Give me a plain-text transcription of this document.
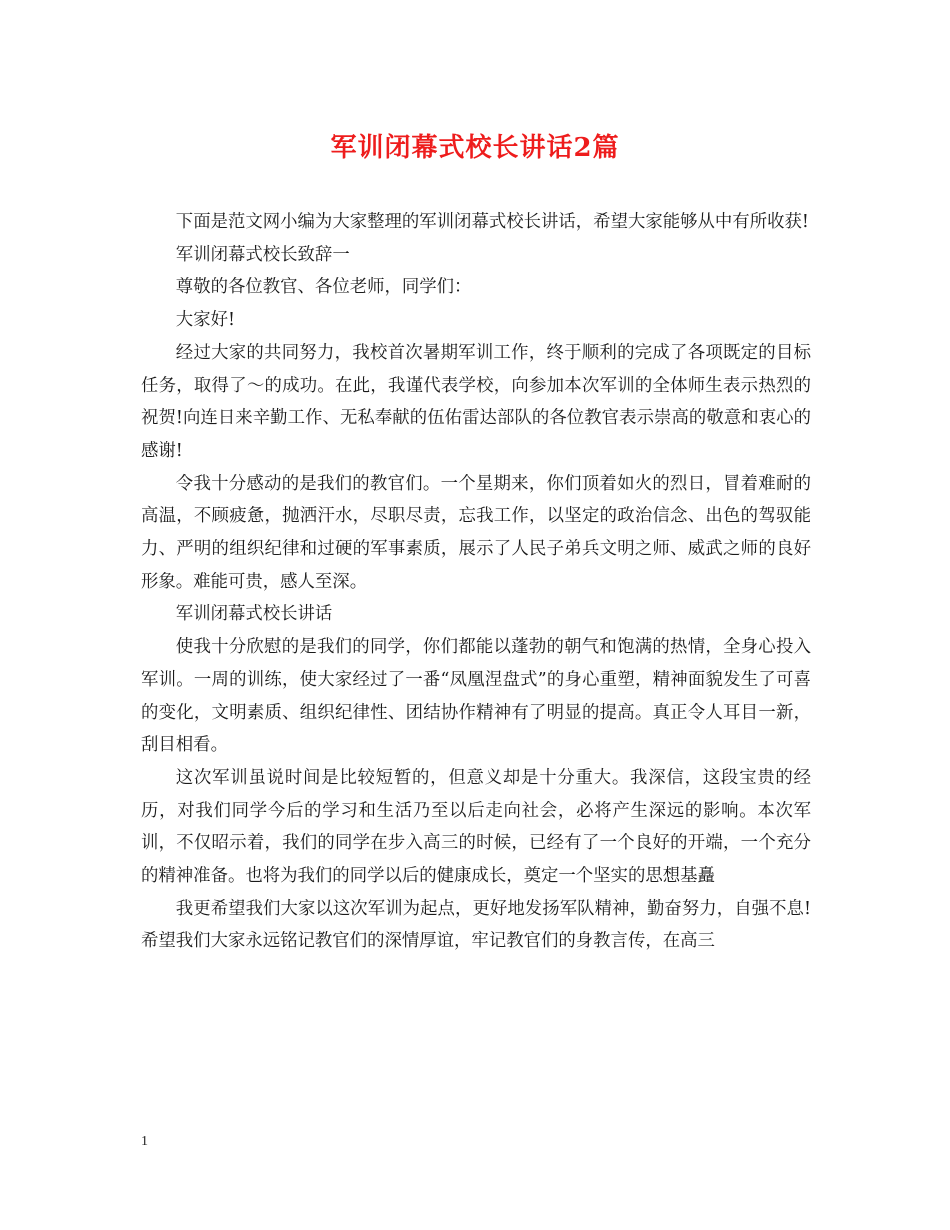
军训闭幕式校长讲话2篇

下面是范文网小编为大家整理的军训闭幕式校长讲话，希望大家能够从中有所收获!

军训闭幕式校长致辞一

尊敬的各位教官、各位老师，同学们：

大家好!

经过大家的共同努力，我校首次暑期军训工作，终于顺利的完成了各项既定的目标任务，取得了～的成功。在此，我谨代表学校，向参加本次军训的全体师生表示热烈的祝贺!向连日来辛勤工作、无私奉献的伍佑雷达部队的各位教官表示崇高的敬意和衷心的感谢!

令我十分感动的是我们的教官们。一个星期来，你们顶着如火的烈日，冒着难耐的高温，不顾疲惫，抛洒汗水，尽职尽责，忘我工作，以坚定的政治信念、出色的驾驭能力、严明的组织纪律和过硬的军事素质，展示了人民子弟兵文明之师、威武之师的良好形象。难能可贵，感人至深。

军训闭幕式校长讲话

使我十分欣慰的是我们的同学，你们都能以蓬勃的朝气和饱满的热情，全身心投入军训。一周的训练，使大家经过了一番“凤凰涅盘式”的身心重塑，精神面貌发生了可喜的变化，文明素质、组织纪律性、团结协作精神有了明显的提高。真正令人耳目一新，刮目相看。

这次军训虽说时间是比较短暂的，但意义却是十分重大。我深信，这段宝贵的经历，对我们同学今后的学习和生活乃至以后走向社会，必将产生深远的影响。本次军训，不仅昭示着，我们的同学在步入高三的时候，已经有了一个良好的开端，一个充分的精神准备。也将为我们的同学以后的健康成长，奠定一个坚实的思想基矗

我更希望我们大家以这次军训为起点，更好地发扬军队精神，勤奋努力，自强不息!希望我们大家永远铭记教官们的深情厚谊，牢记教官们的身教言传，在高三

1
